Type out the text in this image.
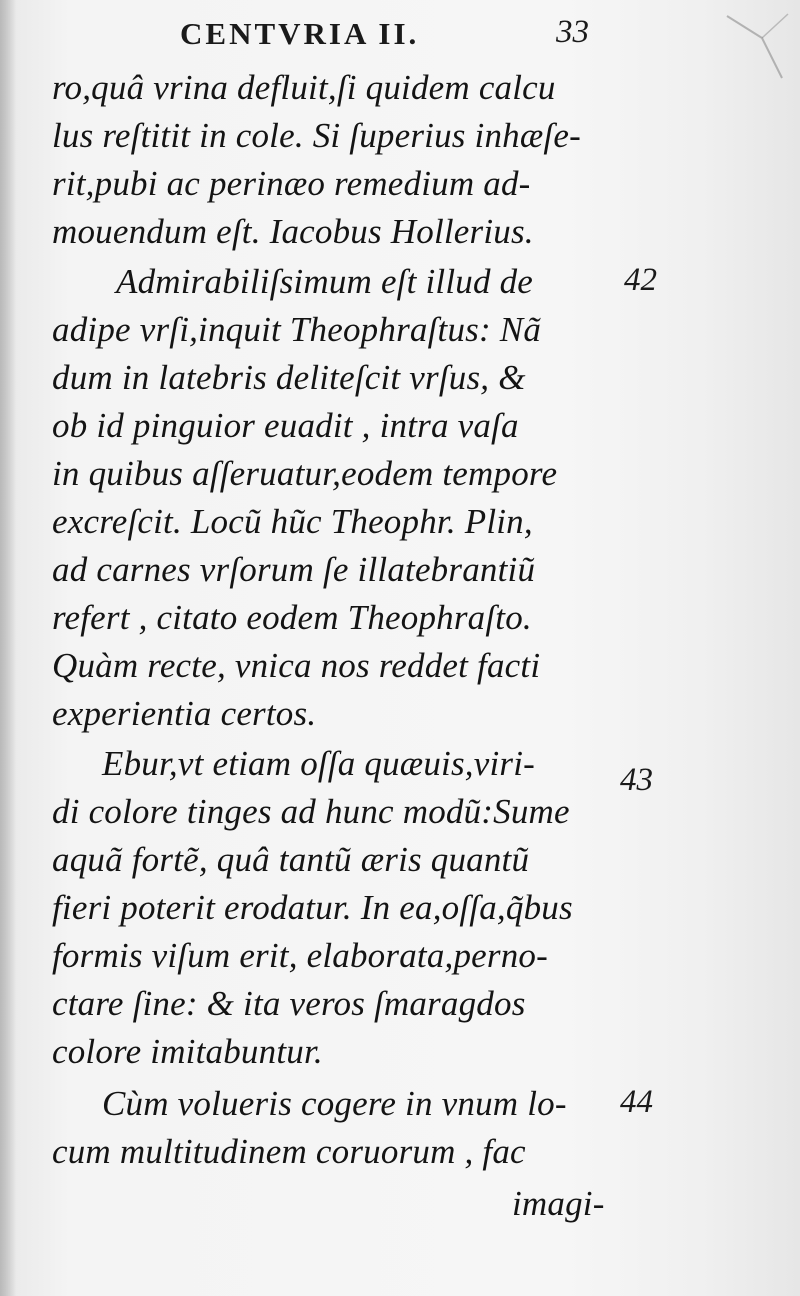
CENTVRIA II.	33
ro,quâ vrina defluit,ſi quidem calcu
lus reſtitit in cole. Si ſuperius inhæſe-
rit,pubi ac perinæo remedium ad-
mouendum eſt. Iacobus Hollerius.
Admirabiliſsimum eſt illud de
adipe vrſi,inquit Theophraſtus: Nã
dum in latebris deliteſcit vrſus, &
ob id pinguior euadit , intra vaſa
in quibus aſſeruatur,eodem tempore
excreſcit. Locũ hũc Theophr. Plin,
ad carnes vrſorum ſe illatebrantiũ
refert , citato eodem Theophraſto.
Quàm recte, vnica nos reddet facti
experientia certos.
Ebur,vt etiam oſſa quæuis,viri-
di colore tinges ad hunc modũ:Sume
aquã fortẽ, quâ tantũ æris quantũ
fieri poterit erodatur. In ea,oſſa,q̃bus
formis viſum erit, elaborata,perno-
ctare ſine: & ita veros ſmaragdos
colore imitabuntur.
Cùm volueris cogere in vnum lo-
cum multitudinem coruorum , fac
imagi-
42
43
44
